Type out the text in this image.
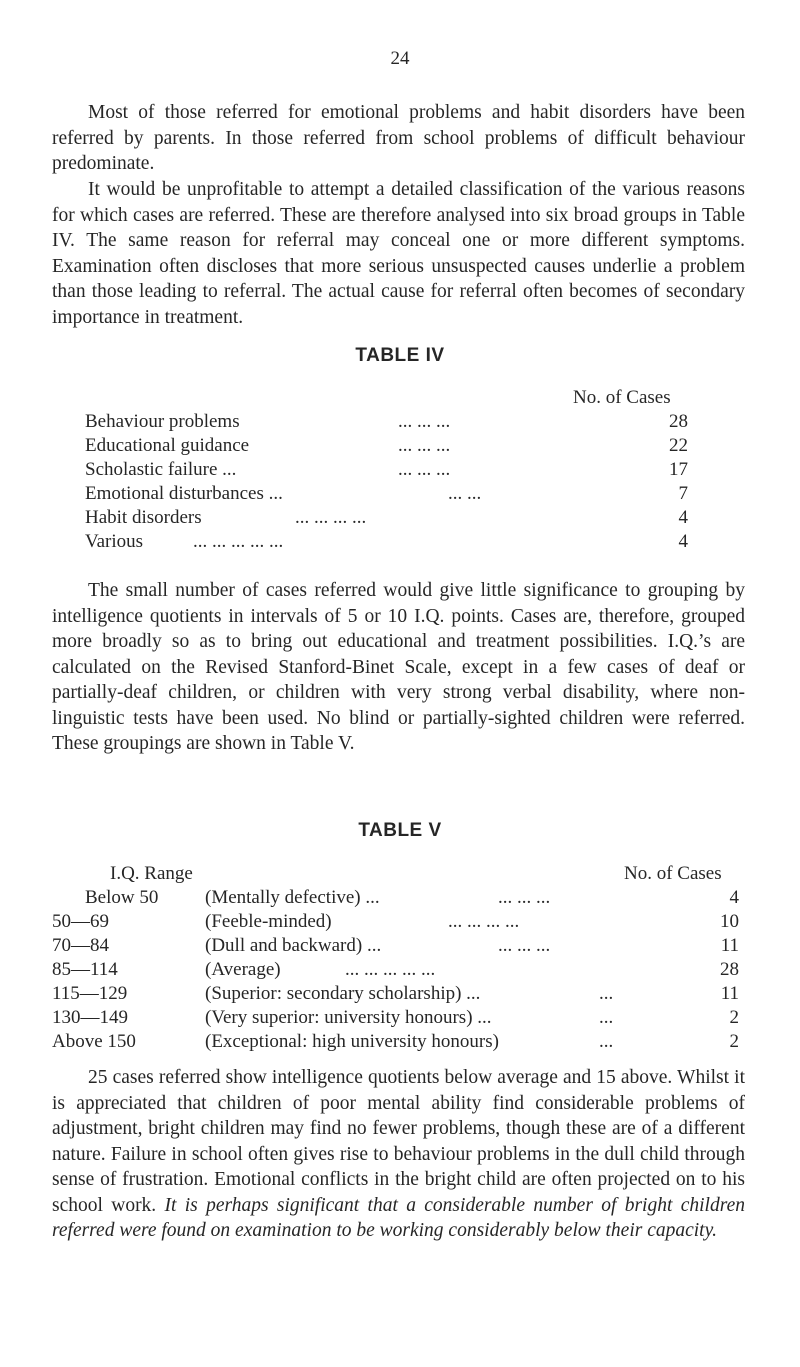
24

Most of those referred for emotional problems and habit disorders have been referred by parents. In those referred from school problems of difficult behaviour predominate.

It would be unprofitable to attempt a detailed classification of the various reasons for which cases are referred. These are therefore analysed into six broad groups in Table IV. The same reason for referral may conceal one or more different symptoms. Examination often discloses that more serious unsuspected causes underlie a problem than those leading to referral. The actual cause for referral often becomes of secondary importance in treatment.

TABLE IV
No. of Cases
Behaviour problems	... ... ...	28
Educational guidance	... ... ...	22
Scholastic failure ...	... ... ...	17
Emotional disturbances ...	... ...	7
Habit disorders	... ... ... ...	4
Various	... ... ... ... ...	4

The small number of cases referred would give little significance to grouping by intelligence quotients in intervals of 5 or 10 I.Q. points. Cases are, therefore, grouped more broadly so as to bring out educational and treatment possibilities. I.Q.’s are calculated on the Revised Stanford-Binet Scale, except in a few cases of deaf or partially-deaf children, or children with very strong verbal disability, where non-linguistic tests have been used. No blind or partially-sighted children were referred. These groupings are shown in Table V.

TABLE V
I.Q. Range	No. of Cases
Below 50 (Mentally defective) ...	... ... ...	4
50—69	(Feeble-minded)	... ... ... ...	10
70—84	(Dull and backward) ...	... ... ...	11
85—114	(Average)	... ... ... ... ...	28
115—129	(Superior: secondary scholarship) ...	...	11
130—149	(Very superior: university honours) ...	...	2
Above 150	(Exceptional: high university honours)	...	2

25 cases referred show intelligence quotients below average and 15 above. Whilst it is appreciated that children of poor mental ability find considerable problems of adjustment, bright children may find no fewer problems, though these are of a different nature. Failure in school often gives rise to behaviour problems in the dull child through sense of frustration. Emotional conflicts in the bright child are often projected on to his school work. It is perhaps significant that a considerable number of bright children referred were found on examination to be working considerably below their capacity.
